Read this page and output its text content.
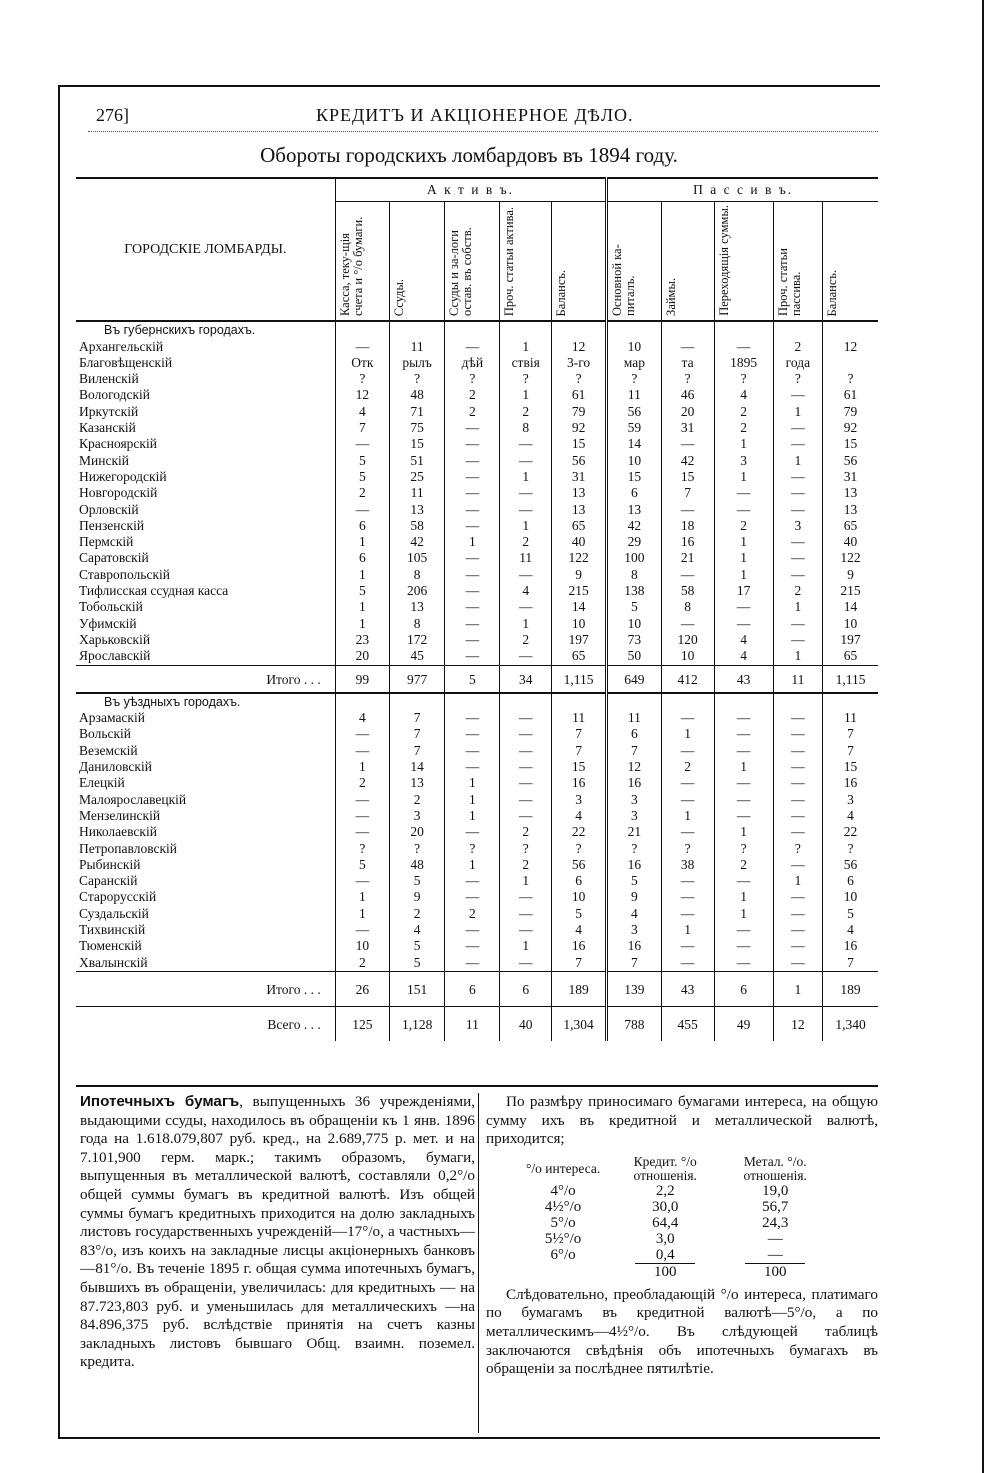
276]	КРЕДИТЪ И АКЦІОНЕРНОЕ ДѢЛО.
Обороты городскихъ ломбардовъ въ 1894 году.
ГОРОДСКІЕ ЛОМБАРДЫ.	А к т и в ъ.					П а с с и в ъ.				
	Касса, теку-щія счета и °/о бумаги.	Ссуды.	Ссуды и за-логи остав. въ собств.	Проч. статьи актива.	Балансъ.	Основной ка-питалъ.	Займы.	Переходящія суммы.	Проч. статьи пассива.	Балансъ.
Въ губернскихъ городахъ.										
Архангельскій	—	11	—	1	12	10	—	—	2	12
Благовѣщенскій	Отк	рылъ	дѣй	ствія	3-го	мар	та	1895	года	
Виленскій	?	?	?	?	?	?	?	?	?	?
Вологодскій	12	48	2	1	61	11	46	4	—	61
Иркутскій	4	71	2	2	79	56	20	2	1	79
Казанскій	7	75	—	8	92	59	31	2	—	92
Красноярскій	—	15	—	—	15	14	—	1	—	15
Минскій	5	51	—	—	56	10	42	3	1	56
Нижегородскій	5	25	—	1	31	15	15	1	—	31
Новгородскій	2	11	—	—	13	6	7	—	—	13
Орловскій	—	13	—	—	13	13	—	—	—	13
Пензенскій	6	58	—	1	65	42	18	2	3	65
Пермскій	1	42	1	2	40	29	16	1	—	40
Саратовскій	6	105	—	11	122	100	21	1	—	122
Ставропольскій	1	8	—	—	9	8	—	1	—	9
Тифлисская ссудная касса	5	206	—	4	215	138	58	17	2	215
Тобольскій	1	13	—	—	14	5	8	—	1	14
Уфимскій	1	8	—	1	10	10	—	—	—	10
Харьковскій	23	172	—	2	197	73	120	4	—	197
Ярославскій	20	45	—	—	65	50	10	4	1	65
Итого . . .	99	977	5	34	1,115	649	412	43	11	1,115
Въ уѣздныхъ городахъ.										
Арзамаскій	4	7	—	—	11	11	—	—	—	11
Вольскій	—	7	—	—	7	6	1	—	—	7
Веземскій	—	7	—	—	7	7	—	—	—	7
Даниловскій	1	14	—	—	15	12	2	1	—	15
Елецкій	2	13	1	—	16	16	—	—	—	16
Малоярославецкій	—	2	1	—	3	3	—	—	—	3
Мензелинскій	—	3	1	—	4	3	1	—	—	4
Николаевскій	—	20	—	2	22	21	—	1	—	22
Петропавловскій	?	?	?	?	?	?	?	?	?	?
Рыбинскій	5	48	1	2	56	16	38	2	—	56
Саранскій	—	5	—	1	6	5	—	—	1	6
Старорусскій	1	9	—	—	10	9	—	1	—	10
Суздальскій	1	2	2	—	5	4	—	1	—	5
Тихвинскій	—	4	—	—	4	3	1	—	—	4
Тюменскій	10	5	—	1	16	16	—	—	—	16
Хвалынскій	2	5	—	—	7	7	—	—	—	7
Итого . . .	26	151	6	6	189	139	43	6	1	189
Всего . . .	125	1,128	11	40	1,304	788	455	49	12	1,340
Ипотечныхъ бумагъ, выпущенныхъ 36 учрежденіями, выдающими ссуды, находилось въ обращеніи къ 1 янв. 1896 года на 1.618.079,807 руб. кред., на 2.689,775 р. мет. и на 7.101,900 герм. марк.; такимъ образомъ, бумаги, выпущенныя въ металлической валютѣ, составляли 0,2°/о общей суммы бумагъ въ кредитной валютѣ. Изъ общей суммы бумагъ кредитныхъ приходится на долю закладныхъ листовъ государственныхъ учрежденій—17°/о, а частныхъ—83°/о, изъ коихъ на закладные лисцы акціонерныхъ банковъ—81°/о. Въ теченіе 1895 г. общая сумма ипотечныхъ бумагъ, бывшихъ въ обращеніи, увеличилась: для кредитныхъ — на 87.723,803 руб. и уменьшилась для металлическихъ —на 84.896,375 руб. вслѣдствіе принятія на счетъ казны закладныхъ листовъ бывшаго Общ. взаимн. поземел. кредита.
По размѣру приносимаго бумагами интереса, на общую сумму ихъ въ кредитной и металлической валютѣ, приходится;
°/о интереса.	Кредит. °/о отношенія.	Метал. °/о. отношенія.
4°/о	2,2	19,0
4½°/о	30,0	56,7
5°/о	64,4	24,3
5½°/о	3,0	—
6°/о	0,4	—
	100	100
Слѣдовательно, преобладающій °/о интереса, платимаго по бумагамъ въ кредитной валютѣ—5°/о, а по металлическимъ—4½°/о. Въ слѣдующей таблицѣ заключаются свѣдѣнія объ ипотечныхъ бумагахъ въ обращеніи за послѣднее пятилѣтіе.
